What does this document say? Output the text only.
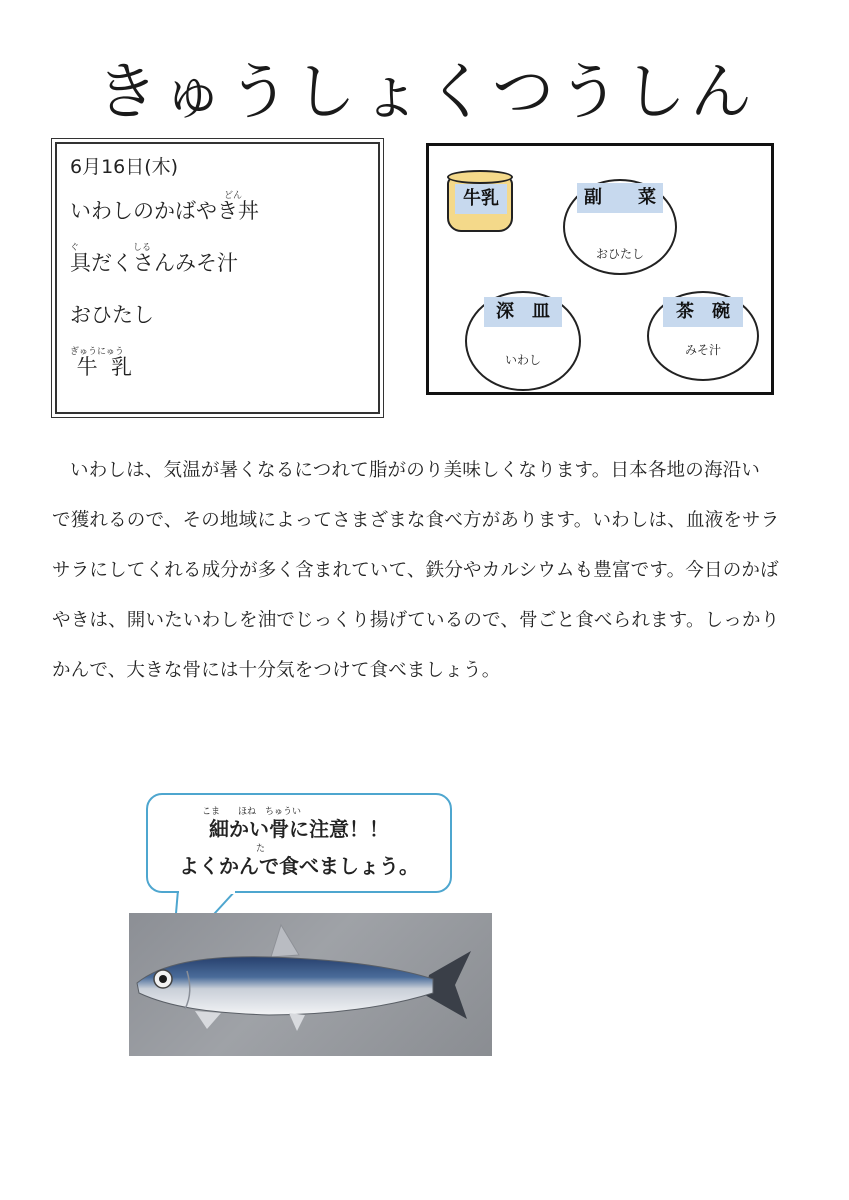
きゅうしょくつうしん
6月16日(木)
どん
いわしのかばやき丼
ぐ　　　　　　しる
具だくさんみそ汁
おひたし
ぎゅうにゅう
牛  乳
牛乳
おひたし
副　　菜
いわし
深　皿
みそ汁
茶　碗
いわしは、気温が暑くなるにつれて脂がのり美味しくなります。日本各地の海沿い
で獲れるので、その地域によってさまざまな食べ方があります。いわしは、血液をサラ
サラにしてくれる成分が多く含まれていて、鉄分やカルシウムも豊富です。今日のかば
やきは、開いたいわしを油でじっくり揚げているので、骨ごと食べられます。しっかり
かんで、大きな骨には十分気をつけて食べましょう。
こま　　ほね　ちゅうい
細かい骨に注意！！
た
よくかんで食べましょう。
